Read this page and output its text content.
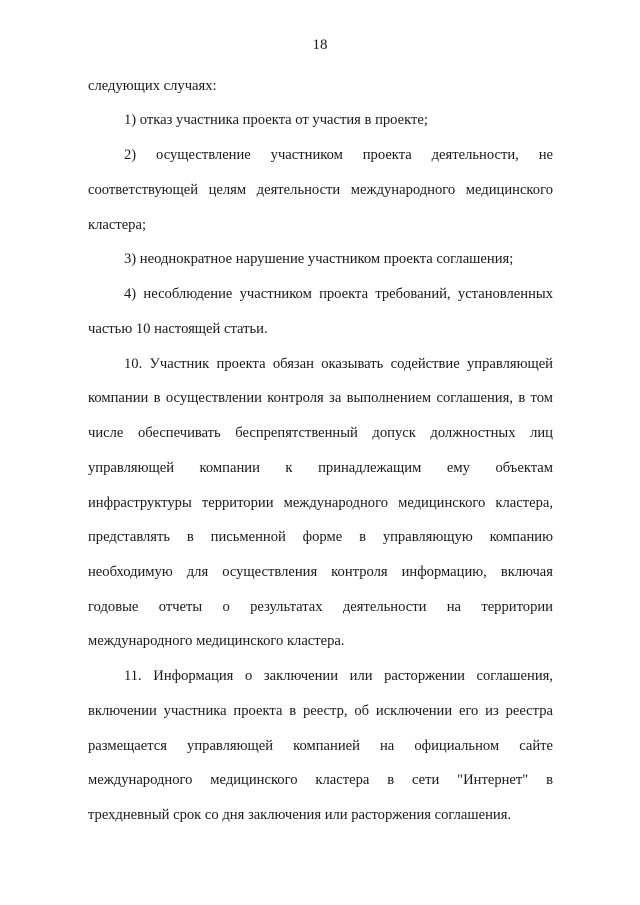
18
следующих случаях:
1) отказ участника проекта от участия в проекте;
2) осуществление участником проекта деятельности, не
соответствующей целям деятельности международного медицинского
кластера;
3) неоднократное нарушение участником проекта соглашения;
4) несоблюдение участником проекта требований, установленных
частью 10 настоящей статьи.
10. Участник проекта обязан оказывать содействие управляющей
компании в осуществлении контроля за выполнением соглашения, в том
числе обеспечивать беспрепятственный допуск должностных лиц
управляющей компании к принадлежащим ему объектам
инфраструктуры территории международного медицинского кластера,
представлять в письменной форме в управляющую компанию
необходимую для осуществления контроля информацию, включая
годовые отчеты о результатах деятельности на территории
международного медицинского кластера.
11. Информация о заключении или расторжении соглашения,
включении участника проекта в реестр, об исключении его из реестра
размещается управляющей компанией на официальном сайте
международного медицинского кластера в сети "Интернет" в
трехдневный срок со дня заключения или расторжения соглашения.
